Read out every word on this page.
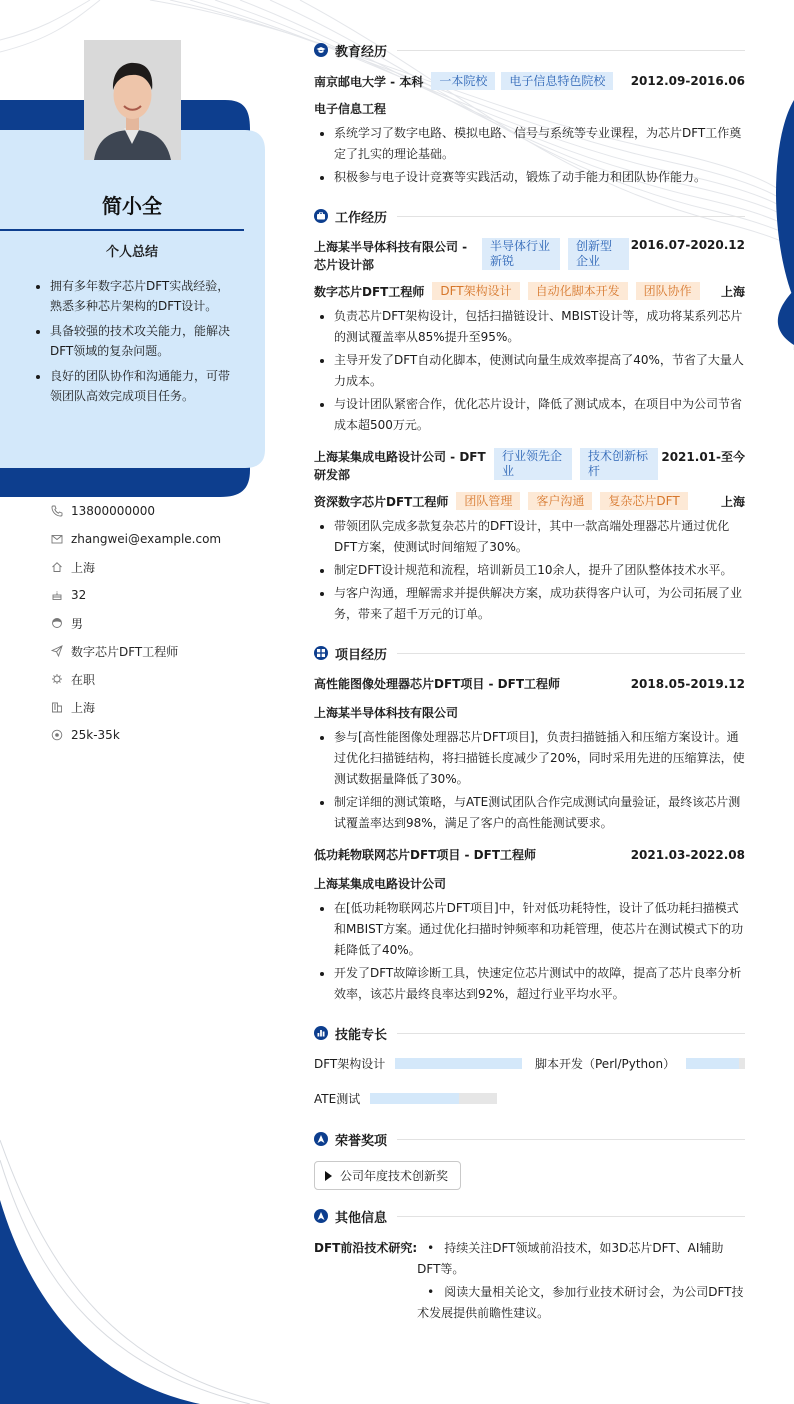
简小全
个人总结
• 拥有多年数字芯片DFT实战经验，熟悉多种芯片架构的DFT设计。
• 具备较强的技术攻关能力，能解决DFT领域的复杂问题。
• 良好的团队协作和沟通能力，可带领团队高效完成项目任务。
13800000000
zhangwei@example.com
上海
32
男
数字芯片DFT工程师
在职
上海
25k-35k
教育经历
南京邮电大学 - 本科	一本院校	电子信息特色院校	2012.09-2016.06
电子信息工程
• 系统学习了数字电路、模拟电路、信号与系统等专业课程，为芯片DFT工作奠定了扎实的理论基础。
• 积极参与电子设计竞赛等实践活动，锻炼了动手能力和团队协作能力。
工作经历
上海某半导体科技有限公司 - 芯片设计部
半导体行业新锐
创新型企业
2016.07-2020.12
数字芯片DFT工程师	DFT架构设计	自动化脚本开发	团队协作	上海
• 负责芯片DFT架构设计，包括扫描链设计、MBIST设计等，成功将某系列芯片的测试覆盖率从85%提升至95%。
• 主导开发了DFT自动化脚本，使测试向量生成效率提高了40%，节省了大量人力成本。
• 与设计团队紧密合作，优化芯片设计，降低了测试成本，在项目中为公司节省成本超500万元。
上海某集成电路设计公司 - DFT研发部
行业领先企业
技术创新标杆
2021.01-至今
资深数字芯片DFT工程师	团队管理	客户沟通	复杂芯片DFT	上海
• 带领团队完成多款复杂芯片的DFT设计，其中一款高端处理器芯片通过优化DFT方案，使测试时间缩短了30%。
• 制定DFT设计规范和流程，培训新员工10余人，提升了团队整体技术水平。
• 与客户沟通，理解需求并提供解决方案，成功获得客户认可，为公司拓展了业务，带来了超千万元的订单。
项目经历
高性能图像处理器芯片DFT项目 - DFT工程师	2018.05-2019.12
上海某半导体科技有限公司
• 参与[高性能图像处理器芯片DFT项目]，负责扫描链插入和压缩方案设计。通过优化扫描链结构，将扫描链长度减少了20%，同时采用先进的压缩算法，使测试数据量降低了30%。
• 制定详细的测试策略，与ATE测试团队合作完成测试向量验证，最终该芯片测试覆盖率达到98%，满足了客户的高性能测试要求。
低功耗物联网芯片DFT项目 - DFT工程师	2021.03-2022.08
上海某集成电路设计公司
• 在[低功耗物联网芯片DFT项目]中，针对低功耗特性，设计了低功耗扫描模式和MBIST方案。通过优化扫描时钟频率和功耗管理，使芯片在测试模式下的功耗降低了40%。
• 开发了DFT故障诊断工具，快速定位芯片测试中的故障，提高了芯片良率分析效率，该芯片最终良率达到92%，超过行业平均水平。
技能专长
DFT架构设计	脚本开发（Perl/Python）
ATE测试
荣誉奖项
公司年度技术创新奖
其他信息
DFT前沿技术研究: • 持续关注DFT领域前沿技术，如3D芯片DFT、AI辅助DFT等。
• 阅读大量相关论文，参加行业技术研讨会，为公司DFT技术发展提供前瞻性建议。
